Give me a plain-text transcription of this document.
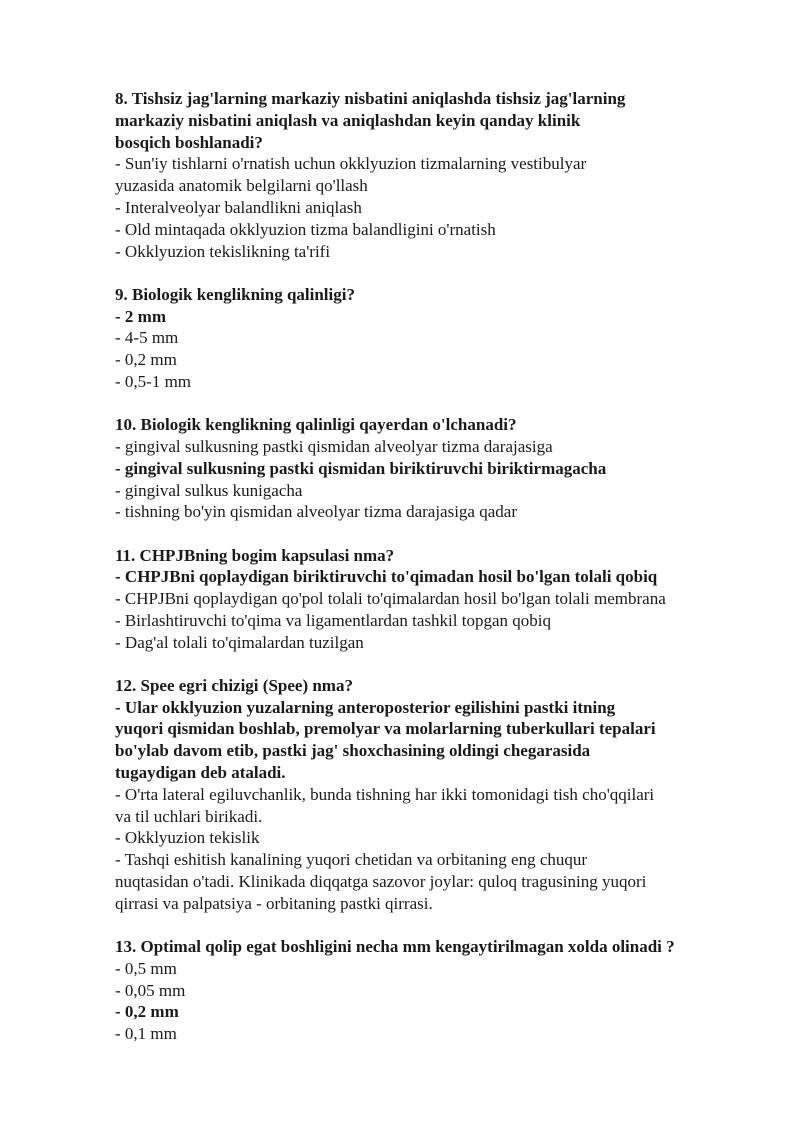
8. Tishsiz jag'larning markaziy nisbatini aniqlashda tishsiz jag'larning
markaziy nisbatini aniqlash va aniqlashdan keyin qanday klinik
bosqich boshlanadi?
- Sun'iy tishlarni o'rnatish uchun okklyuzion tizmalarning vestibulyar
yuzasida anatomik belgilarni qo'llash
- Interalveolyar balandlikni aniqlash
- Old mintaqada okklyuzion tizma balandligini o'rnatish
- Okklyuzion tekislikning ta'rifi
9. Biologik kenglikning qalinligi?
- 2 mm
- 4-5 mm
- 0,2 mm
- 0,5-1 mm
10. Biologik kenglikning qalinligi qayerdan o'lchanadi?
- gingival sulkusning pastki qismidan alveolyar tizma darajasiga
- gingival sulkusning pastki qismidan biriktiruvchi biriktirmagacha
- gingival sulkus kunigacha
- tishning bo'yin qismidan alveolyar tizma darajasiga qadar
11. CHPJBning bogim kapsulasi nma?
- CHPJBni qoplaydigan biriktiruvchi to'qimadan hosil bo'lgan tolali qobiq
- CHPJBni qoplaydigan qo'pol tolali to'qimalardan hosil bo'lgan tolali membrana
- Birlashtiruvchi to'qima va ligamentlardan tashkil topgan qobiq
- Dag'al tolali to'qimalardan tuzilgan
12. Spee egri chizigi (Spee) nma?
- Ular okklyuzion yuzalarning anteroposterior egilishini pastki itning
yuqori qismidan boshlab, premolyar va molarlarning tuberkullari tepalari
bo'ylab davom etib, pastki jag' shoxchasining oldingi chegarasida
tugaydigan deb ataladi.
- O'rta lateral egiluvchanlik, bunda tishning har ikki tomonidagi tish cho'qqilari
va til uchlari birikadi.
- Okklyuzion tekislik
- Tashqi eshitish kanalining yuqori chetidan va orbitaning eng chuqur
nuqtasidan o'tadi. Klinikada diqqatga sazovor joylar: quloq tragusining yuqori
qirrasi va palpatsiya - orbitaning pastki qirrasi.
13. Optimal qolip egat boshligini necha mm kengaytirilmagan xolda olinadi ?
- 0,5 mm
- 0,05 mm
- 0,2 mm
- 0,1 mm
